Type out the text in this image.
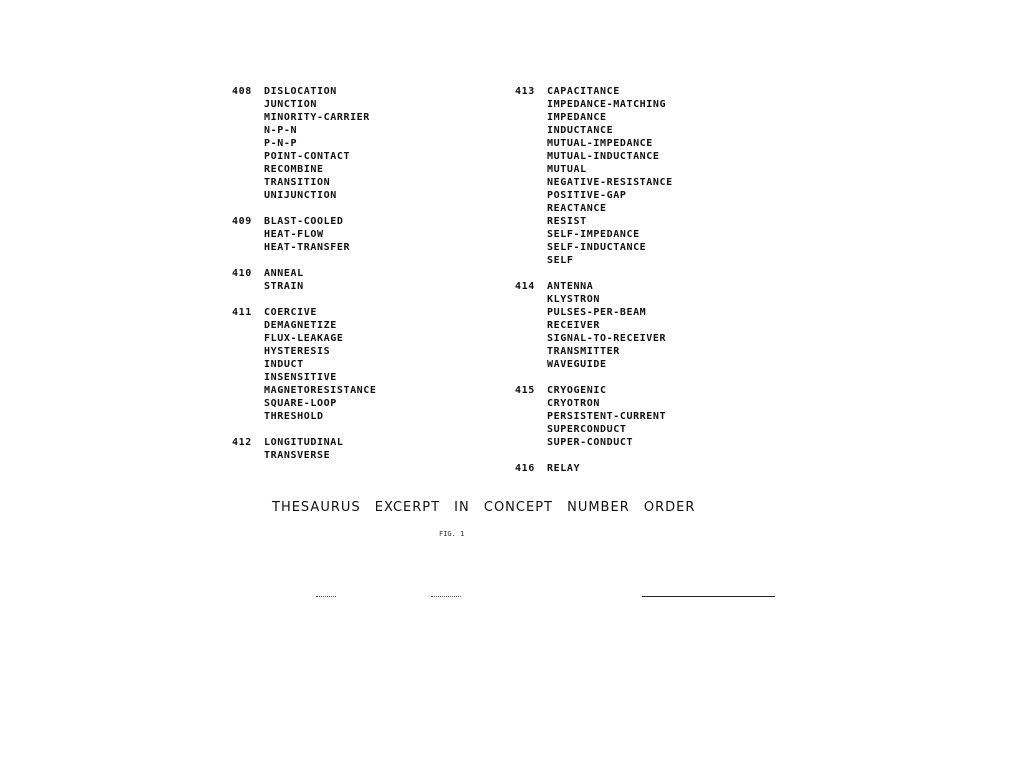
408	DISLOCATION
JUNCTION
MINORITY-CARRIER
N-P-N
P-N-P
POINT-CONTACT
RECOMBINE
TRANSITION
UNIJUNCTION
409	BLAST-COOLED
HEAT-FLOW
HEAT-TRANSFER
410	ANNEAL
STRAIN
411	COERCIVE
DEMAGNETIZE
FLUX-LEAKAGE
HYSTERESIS
INDUCT
INSENSITIVE
MAGNETORESISTANCE
SQUARE-LOOP
THRESHOLD
412	LONGITUDINAL
TRANSVERSE
413	CAPACITANCE
IMPEDANCE-MATCHING
IMPEDANCE
INDUCTANCE
MUTUAL-IMPEDANCE
MUTUAL-INDUCTANCE
MUTUAL
NEGATIVE-RESISTANCE
POSITIVE-GAP
REACTANCE
RESIST
SELF-IMPEDANCE
SELF-INDUCTANCE
SELF
414	ANTENNA
KLYSTRON
PULSES-PER-BEAM
RECEIVER
SIGNAL-TO-RECEIVER
TRANSMITTER
WAVEGUIDE
415	CRYOGENIC
CRYOTRON
PERSISTENT-CURRENT
SUPERCONDUCT
SUPER-CONDUCT
416	RELAY
THESAURUS EXCERPT IN CONCEPT NUMBER ORDER
FIG. 1
